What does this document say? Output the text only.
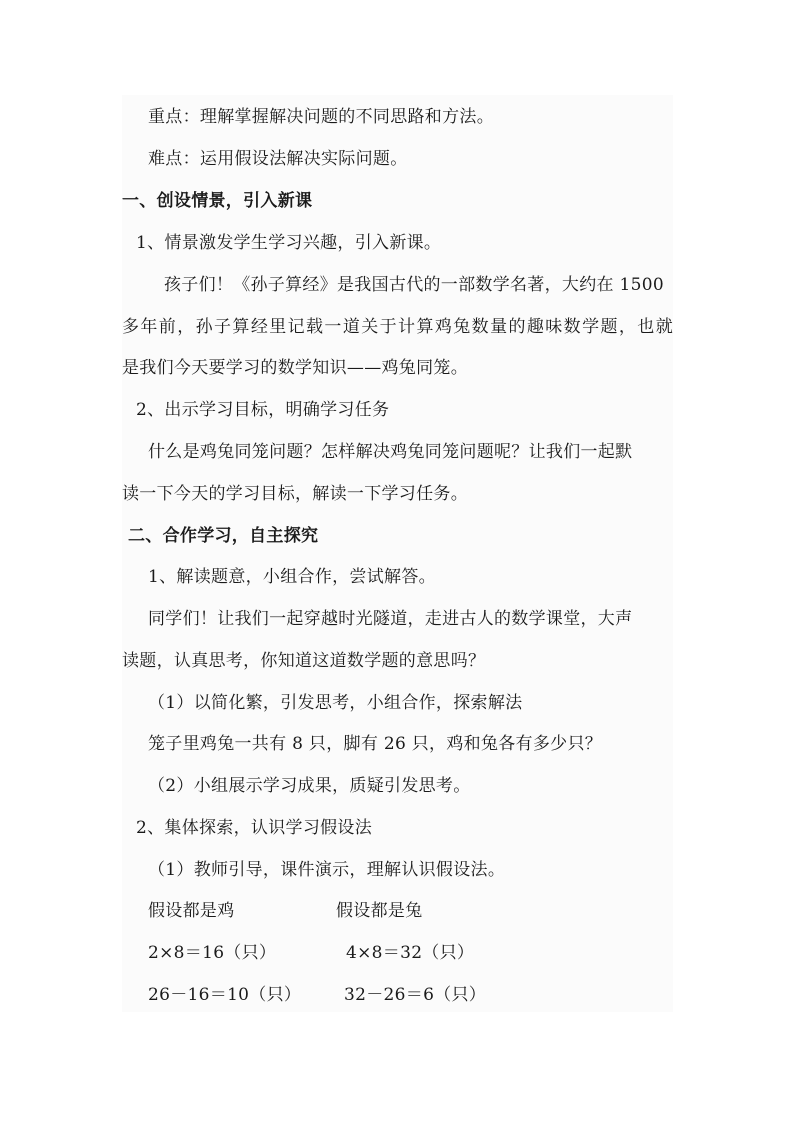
重点：理解掌握解决问题的不同思路和方法。
难点：运用假设法解决实际问题。
一、创设情景，引入新课
1、情景激发学生学习兴趣，引入新课。
孩子们！《孙子算经》是我国古代的一部数学名著，大约在 1500
多年前，孙子算经里记载一道关于计算鸡兔数量的趣味数学题，也就
是我们今天要学习的数学知识——鸡兔同笼。
2、出示学习目标，明确学习任务
什么是鸡兔同笼问题？怎样解决鸡兔同笼问题呢？让我们一起默
读一下今天的学习目标，解读一下学习任务。
二、合作学习，自主探究
1、解读题意，小组合作，尝试解答。
同学们！让我们一起穿越时光隧道，走进古人的数学课堂，大声
读题，认真思考，你知道这道数学题的意思吗？
（1）以简化繁，引发思考，小组合作，探索解法
笼子里鸡兔一共有 8 只，脚有 26 只，鸡和兔各有多少只？
（2）小组展示学习成果，质疑引发思考。
2、集体探索，认识学习假设法
（1）教师引导，课件演示，理解认识假设法。
假设都是鸡	假设都是兔
2×8＝16（只）	4×8＝32（只）
26－16＝10（只）	32－26＝6（只）
